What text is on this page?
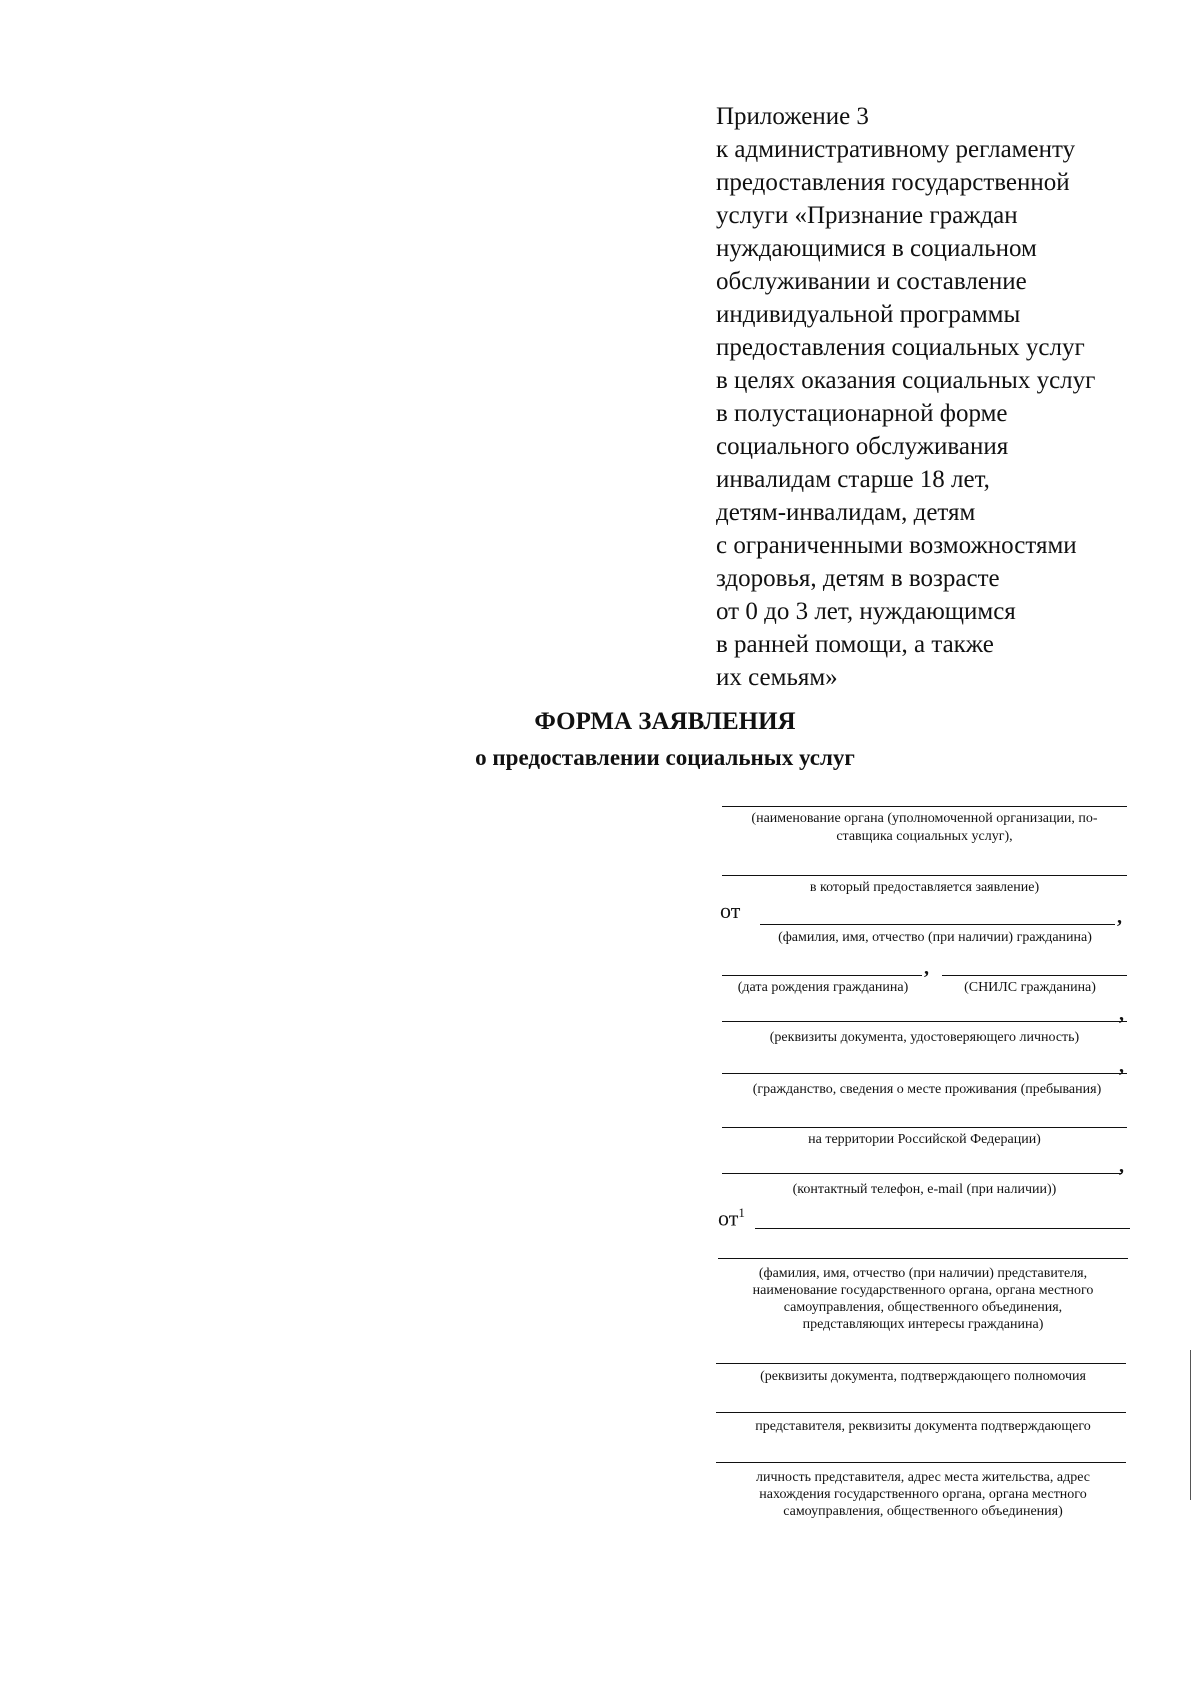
Приложение 3
к административному регламенту
предоставления государственной
услуги «Признание граждан
нуждающимися в социальном
обслуживании и составление
индивидуальной программы
предоставления социальных услуг
в целях оказания социальных услуг
в полустационарной форме
социального обслуживания
инвалидам старше 18 лет,
детям-инвалидам, детям
с ограниченными возможностями
здоровья, детям в возрасте
от 0 до 3 лет, нуждающимся
в ранней помощи, а также
их семьям»
ФОРМА ЗАЯВЛЕНИЯ
о предоставлении социальных услуг
(наименование органа (уполномоченной организации, по-
ставщика социальных услуг),
в который предоставляется заявление)
от	,
(фамилия, имя, отчество (при наличии) гражданина)
,
(дата рождения гражданина)	(СНИЛС гражданина)
,
(реквизиты документа, удостоверяющего личность)
,
(гражданство, сведения о месте проживания (пребывания)
на территории Российской Федерации)
,
(контактный телефон, e-mail (при наличии))
$от^1$
(фамилия, имя, отчество (при наличии) представителя,
наименование государственного органа, органа местного
самоуправления, общественного объединения,
представляющих интересы гражданина)
(реквизиты документа, подтверждающего полномочия
представителя, реквизиты документа подтверждающего
личность представителя, адрес места жительства, адрес
нахождения государственного органа, органа местного
самоуправления, общественного объединения)
